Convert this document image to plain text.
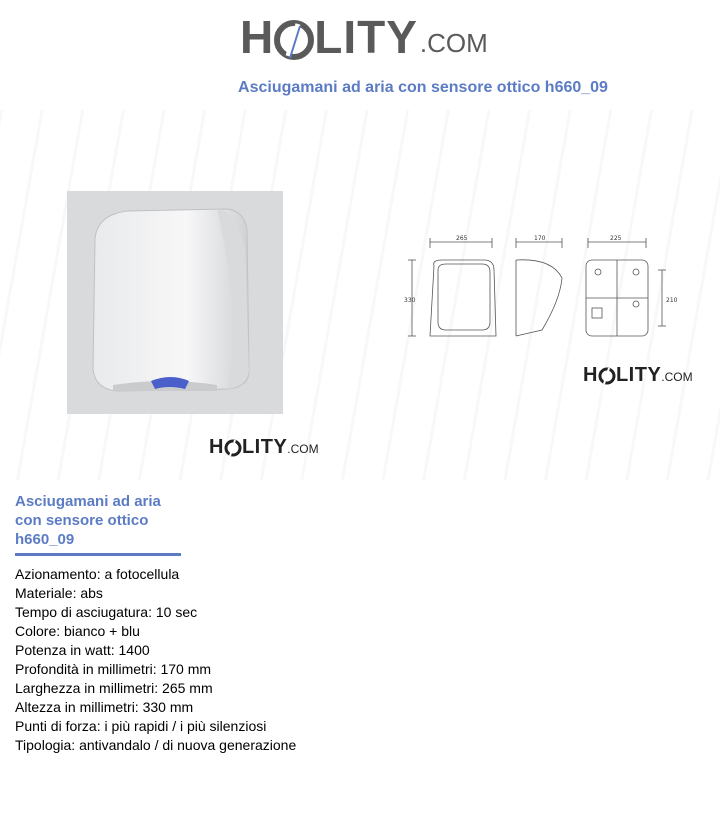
H LITY .COM
Asciugamani ad aria con sensore ottico h660_09
H LITY .COM
265	170	225
330	210
H LITY .COM
Asciugamani ad aria con sensore ottico h660_09
Azionamento: a fotocellula
Materiale: abs
Tempo di asciugatura: 10 sec
Colore: bianco + blu
Potenza in watt: 1400
Profondità in millimetri: 170 mm
Larghezza in millimetri: 265 mm
Altezza in millimetri: 330 mm
Punti di forza: i più rapidi / i più silenziosi
Tipologia: antivandalo / di nuova generazione
